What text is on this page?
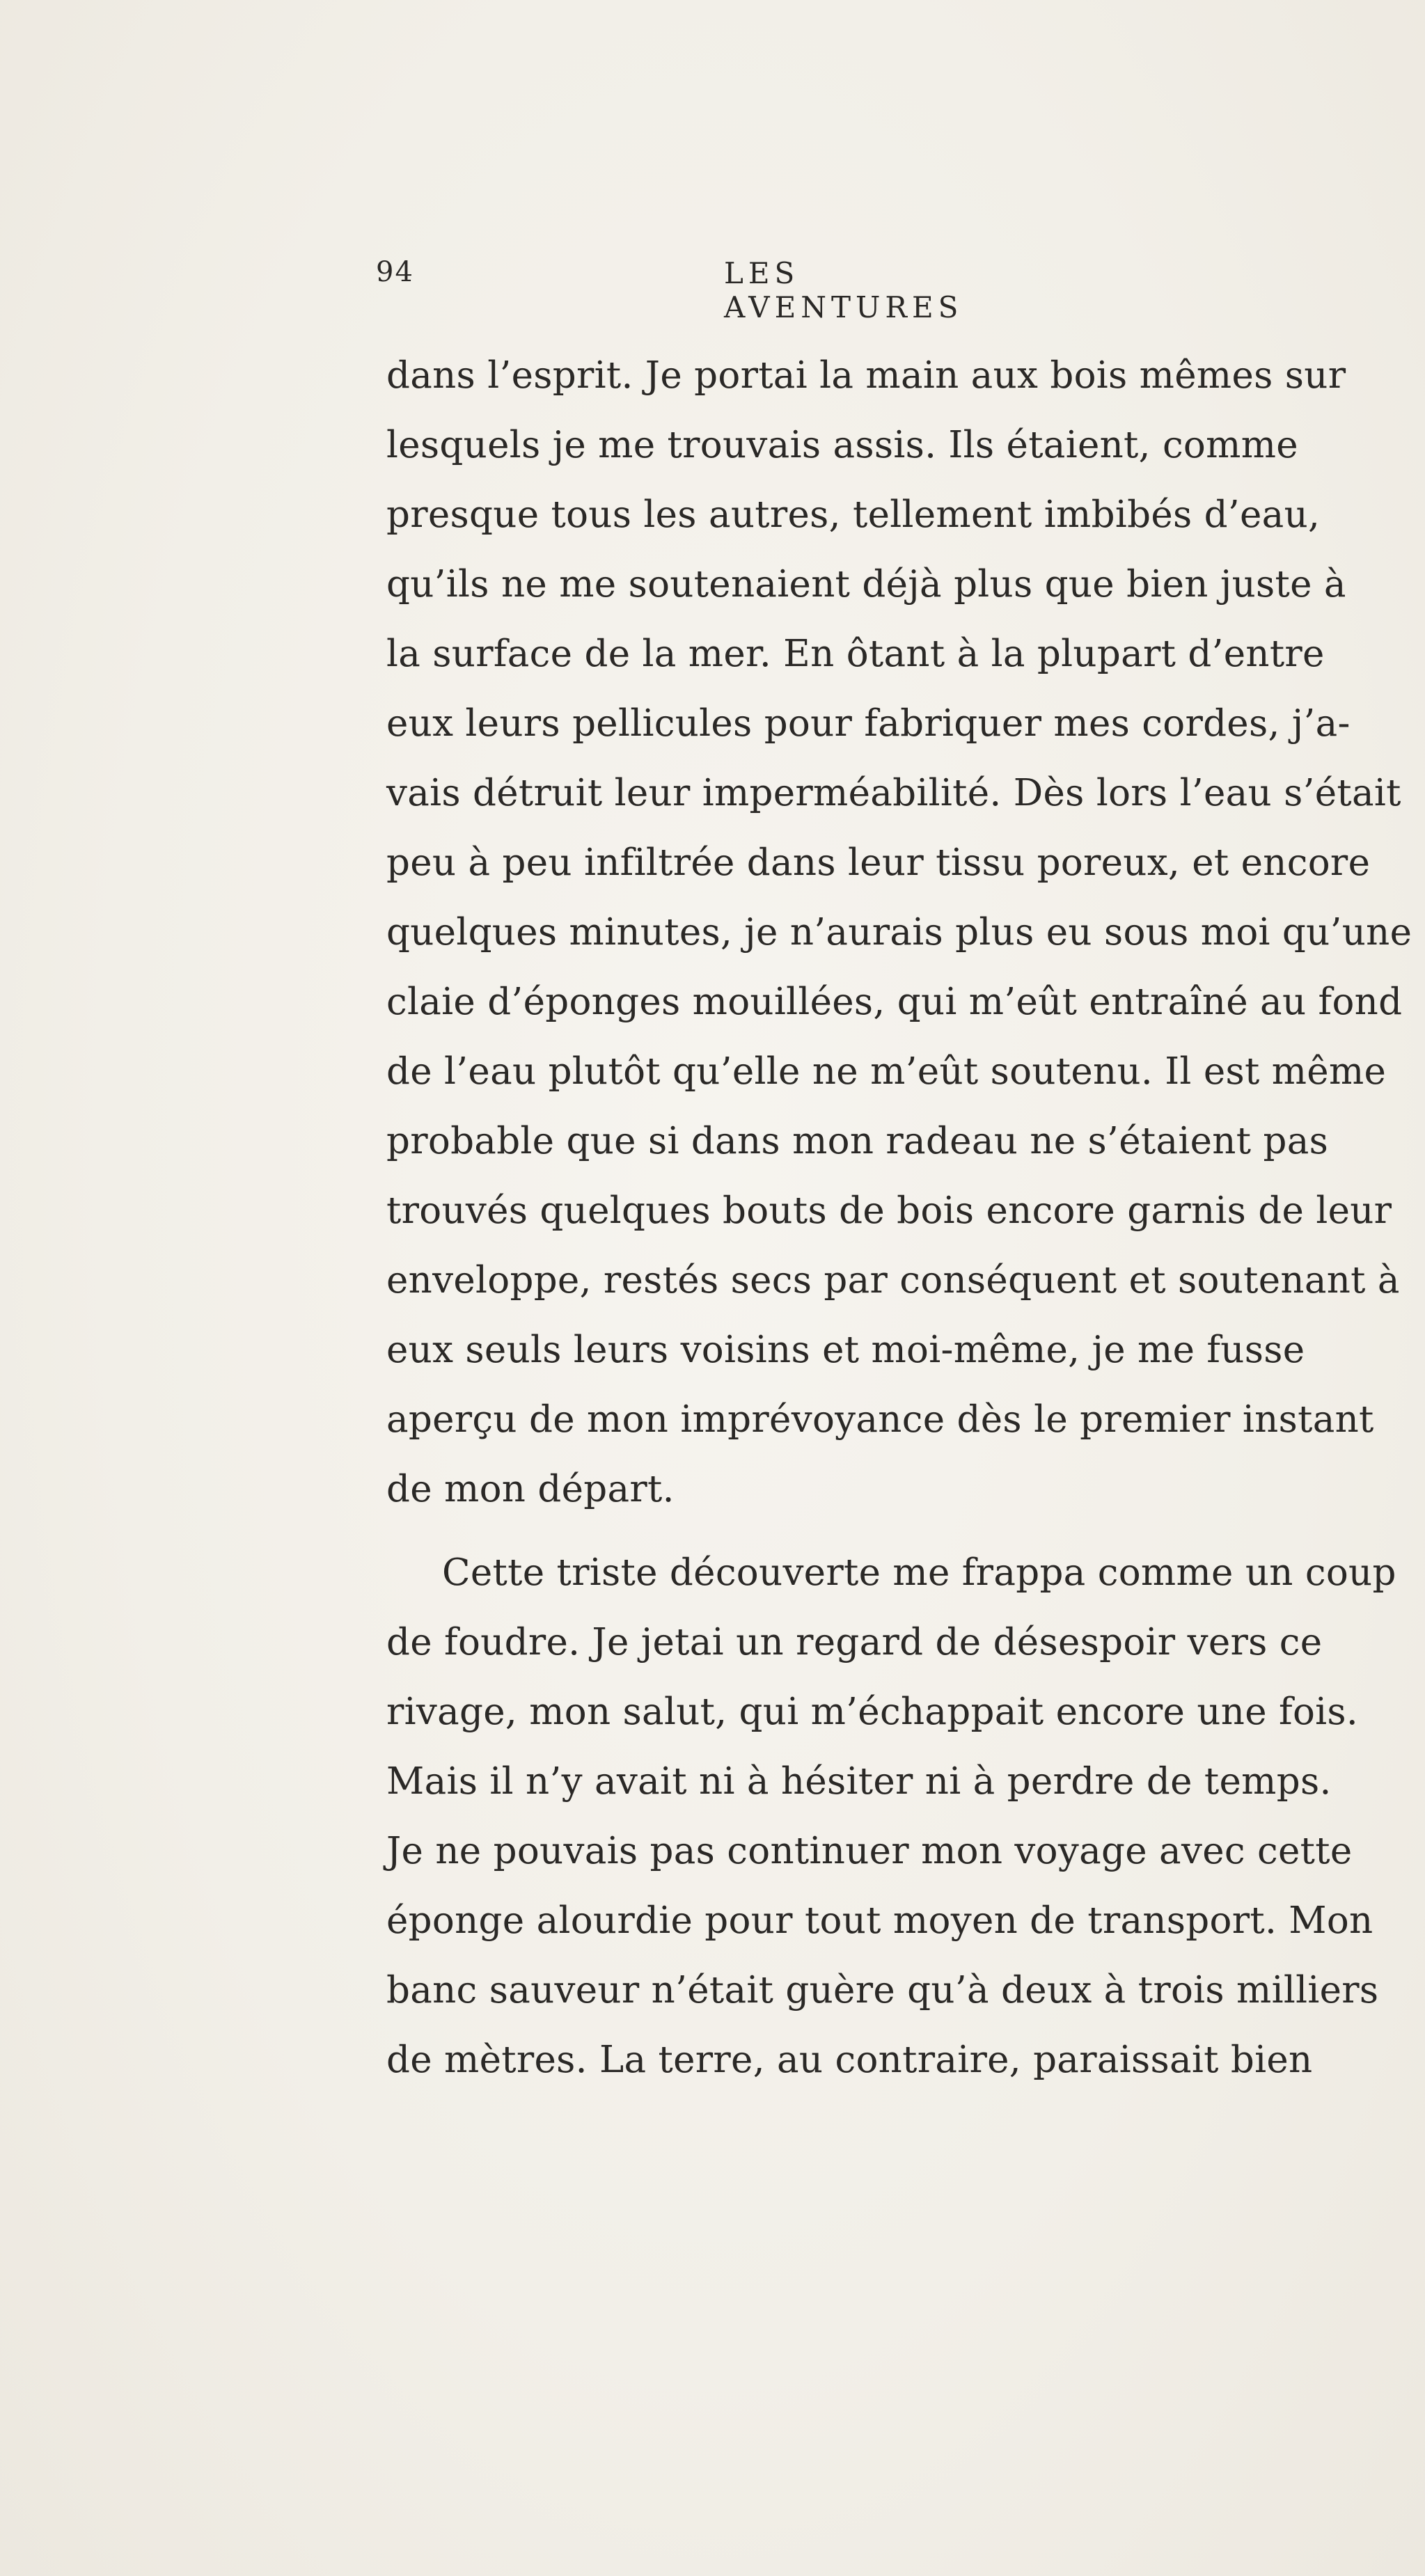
94	LES AVENTURES
dans l’esprit. Je portai la main aux bois mêmes sur
lesquels je me trouvais assis. Ils étaient, comme
presque tous les autres, tellement imbibés d’eau,
qu’ils ne me soutenaient déjà plus que bien juste à
la surface de la mer. En ôtant à la plupart d’entre
eux leurs pellicules pour fabriquer mes cordes, j’a-
vais détruit leur imperméabilité. Dès lors l’eau s’était
peu à peu infiltrée dans leur tissu poreux, et encore
quelques minutes, je n’aurais plus eu sous moi qu’une
claie d’éponges mouillées, qui m’eût entraîné au fond
de l’eau plutôt qu’elle ne m’eût soutenu. Il est même
probable que si dans mon radeau ne s’étaient pas
trouvés quelques bouts de bois encore garnis de leur
enveloppe, restés secs par conséquent et soutenant à
eux seuls leurs voisins et moi-même, je me fusse
aperçu de mon imprévoyance dès le premier instant
de mon départ.
Cette triste découverte me frappa comme un coup
de foudre. Je jetai un regard de désespoir vers ce
rivage, mon salut, qui m’échappait encore une fois.
Mais il n’y avait ni à hésiter ni à perdre de temps.
Je ne pouvais pas continuer mon voyage avec cette
éponge alourdie pour tout moyen de transport. Mon
banc sauveur n’était guère qu’à deux à trois milliers
de mètres. La terre, au contraire, paraissait bien
